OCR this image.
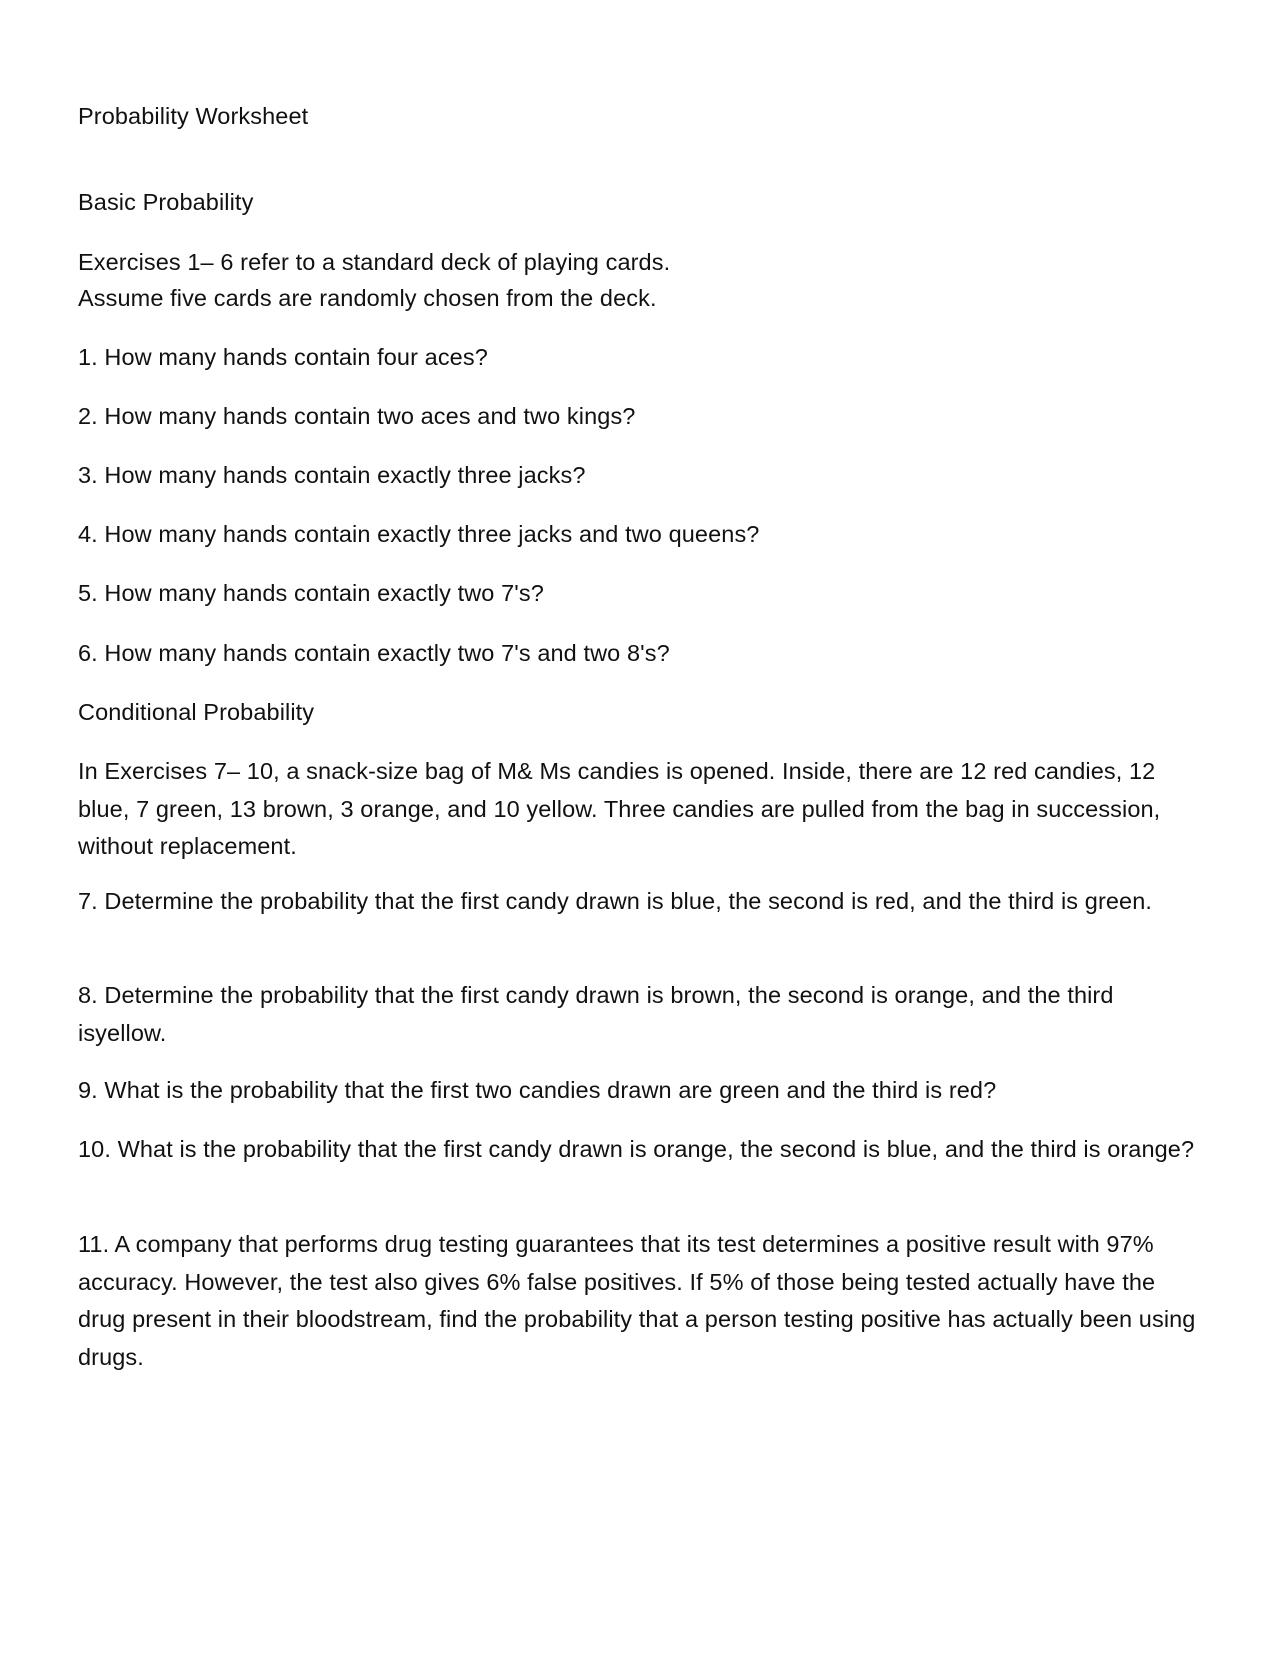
Probability Worksheet

Basic Probability

Exercises 1– 6 refer to a standard deck of playing cards.

Assume five cards are randomly chosen from the deck.

1. How many hands contain four aces?

2. How many hands contain two aces and two kings?

3. How many hands contain exactly three jacks?

4. How many hands contain exactly three jacks and two queens?

5. How many hands contain exactly two 7's?

6. How many hands contain exactly two 7's and two 8's?

Conditional Probability

In Exercises 7– 10, a snack-size bag of M& Ms candies is opened. Inside, there are 12 red candies, 12 blue, 7 green, 13 brown, 3 orange, and 10 yellow. Three candies are pulled from the bag in succession, without replacement.

7. Determine the probability that the first candy drawn is blue, the second is red, and the third is green.

8. Determine the probability that the first candy drawn is brown, the second is orange, and the third isyellow.

9. What is the probability that the first two candies drawn are green and the third is red?

10. What is the probability that the first candy drawn is orange, the second is blue, and the third is orange?

11. A company that performs drug testing guarantees that its test determines a positive result with 97% accuracy. However, the test also gives 6% false positives. If 5% of those being tested actually have the drug present in their bloodstream, find the probability that a person testing positive has actually been using drugs.
